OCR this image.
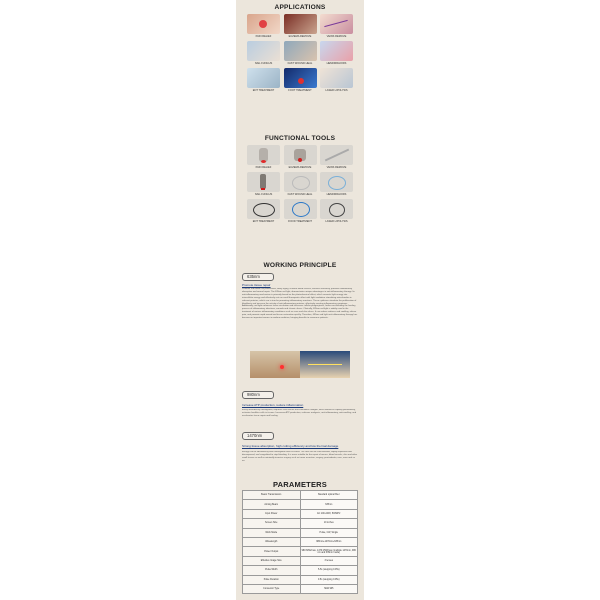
APPLICATIONS
PAIN RELIEF	ECZEMA REMOVE	VEINS REMOVE
NAIL FUNGUS	FAST WOUND HEAL	HEMORRHOIDS
ENT TREATMENT	FOOT TREATMENT	LASER LIPOLYSIS
FUNCTIONAL TOOLS
PAIN RELIEF	ECZEMA REMOVE	VEINS REMOVE
NAIL FUNGUS	FAST WOUND HEAL	HEMORRHOIDS
ENT TREATMENT	FOOD TREATMENT	LASER LIPOLYSIS
WORKING PRINCIPLE
635nm
Promote tissue repair
Promote red blood cell proliferation, delay aging, activate blood vessels, enhance immunity, promote inflammatory absorption and wound repair. The 635nm red light, demonstrates unique advantages in anti-inflammatory therapy. Its anti-inflammatory mechanism is primarily based on the photochemical effect, which converts light energy into intracellular energy and effectively acts on small therapeutic effect with light irradiation stimulating mitochondria in relevant proteins, which can in turn be promoting inflammatory reactions. These cytokines stimulate the proliferation of fibroblasts and increase the activity of anti-inflammatory proteins, effectively exerting inflammatory symptoms. Additionally, red light enhances tissue circulation and increases cellular phagocytosis, further accelerating the healing process of inflammatory infections, wounds and chronic ulcers. Clinically, 635nm red light is widely used in the treatment of various inflammatory conditions such as acne and skin ulcers. It can reduce redness and swelling, relieve pain, and promote rapid wound and tissue restoration quickly. Therefore, 635nm red light anti-inflammatory therapy has become an important means in modern medicine, bringing benefits to numerous patients.
980nm
Increase ATP production, reduce inflammation
Easily absorbed by hemoglobin, improves skin texture and stimulates collagen, which balances capillary permeability, activates healthier cells in tissues. Increases ATP production, achieves analgesic, anti-inflammatory, anti-swelling, and accelerates tissue repair and healing.
1470nm
Strong tissue absorption, high cutting efficiency and low thermal damage
Energy can be absorbed by both hemoglobin and cell water. The heat can be concentrated, rapidly vaporized and decomposed, and coagulated to stop bleeding. It is more suitable for the repair of nerves, blood vessels, skin and other small tissues as well as minimally invasive surgery such as tumor resection, surgery, proctodontia, ears, nose and so on.
PARAMETERS
Beam Transmission	Standard optical fiber
Aiming Beam	635nm
Input Power	AC 100-240V, 50/60Hz
Screen Size	10 inches
Work Mode	Pulse, CW, Single
Wavelength	980nm+1470nm+635nm
Power Output	980:60W/max, 1470:15W/max (multiple 1470nm, 980 nm and 635nm mode)
Effective Image Size	3 lenses
Pulse Width	5-5s (stepping 0.05s)
Pulse Duration	0.5s (stepping 0.05s)
Connector Type	SMA 905
